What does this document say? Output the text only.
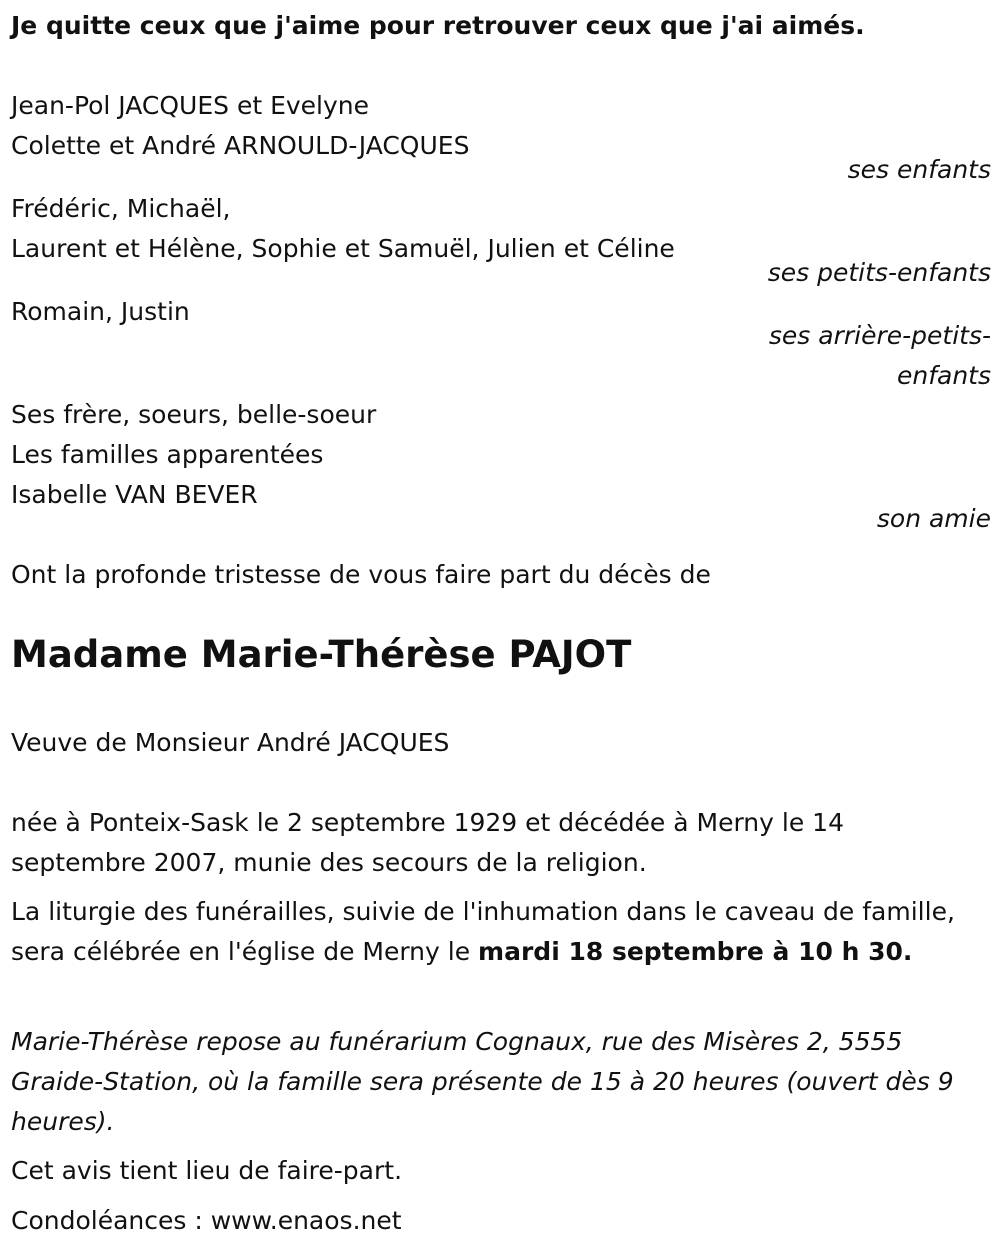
Je quitte ceux que j'aime pour retrouver ceux que j'ai aimés.
Jean-Pol JACQUES et Evelyne
Colette et André ARNOULD-JACQUES
ses enfants
Frédéric, Michaël,
Laurent et Hélène, Sophie et Samuël, Julien et Céline
ses petits-enfants
Romain, Justin
ses arrière-petits-
enfants
Ses frère, soeurs, belle-soeur
Les familles apparentées
Isabelle VAN BEVER
son amie
Ont la profonde tristesse de vous faire part du décès de
Madame Marie-Thérèse PAJOT
Veuve de Monsieur André JACQUES
née à Ponteix-Sask le 2 septembre 1929 et décédée à Merny le 14 septembre 2007, munie des secours de la religion.
La liturgie des funérailles, suivie de l'inhumation dans le caveau de famille, sera célébrée en l'église de Merny le mardi 18 septembre à 10 h 30.
Marie-Thérèse repose au funérarium Cognaux, rue des Misères 2, 5555 Graide-Station, où la famille sera présente de 15 à 20 heures (ouvert dès 9 heures).
Cet avis tient lieu de faire-part.
Condoléances : www.enaos.net
